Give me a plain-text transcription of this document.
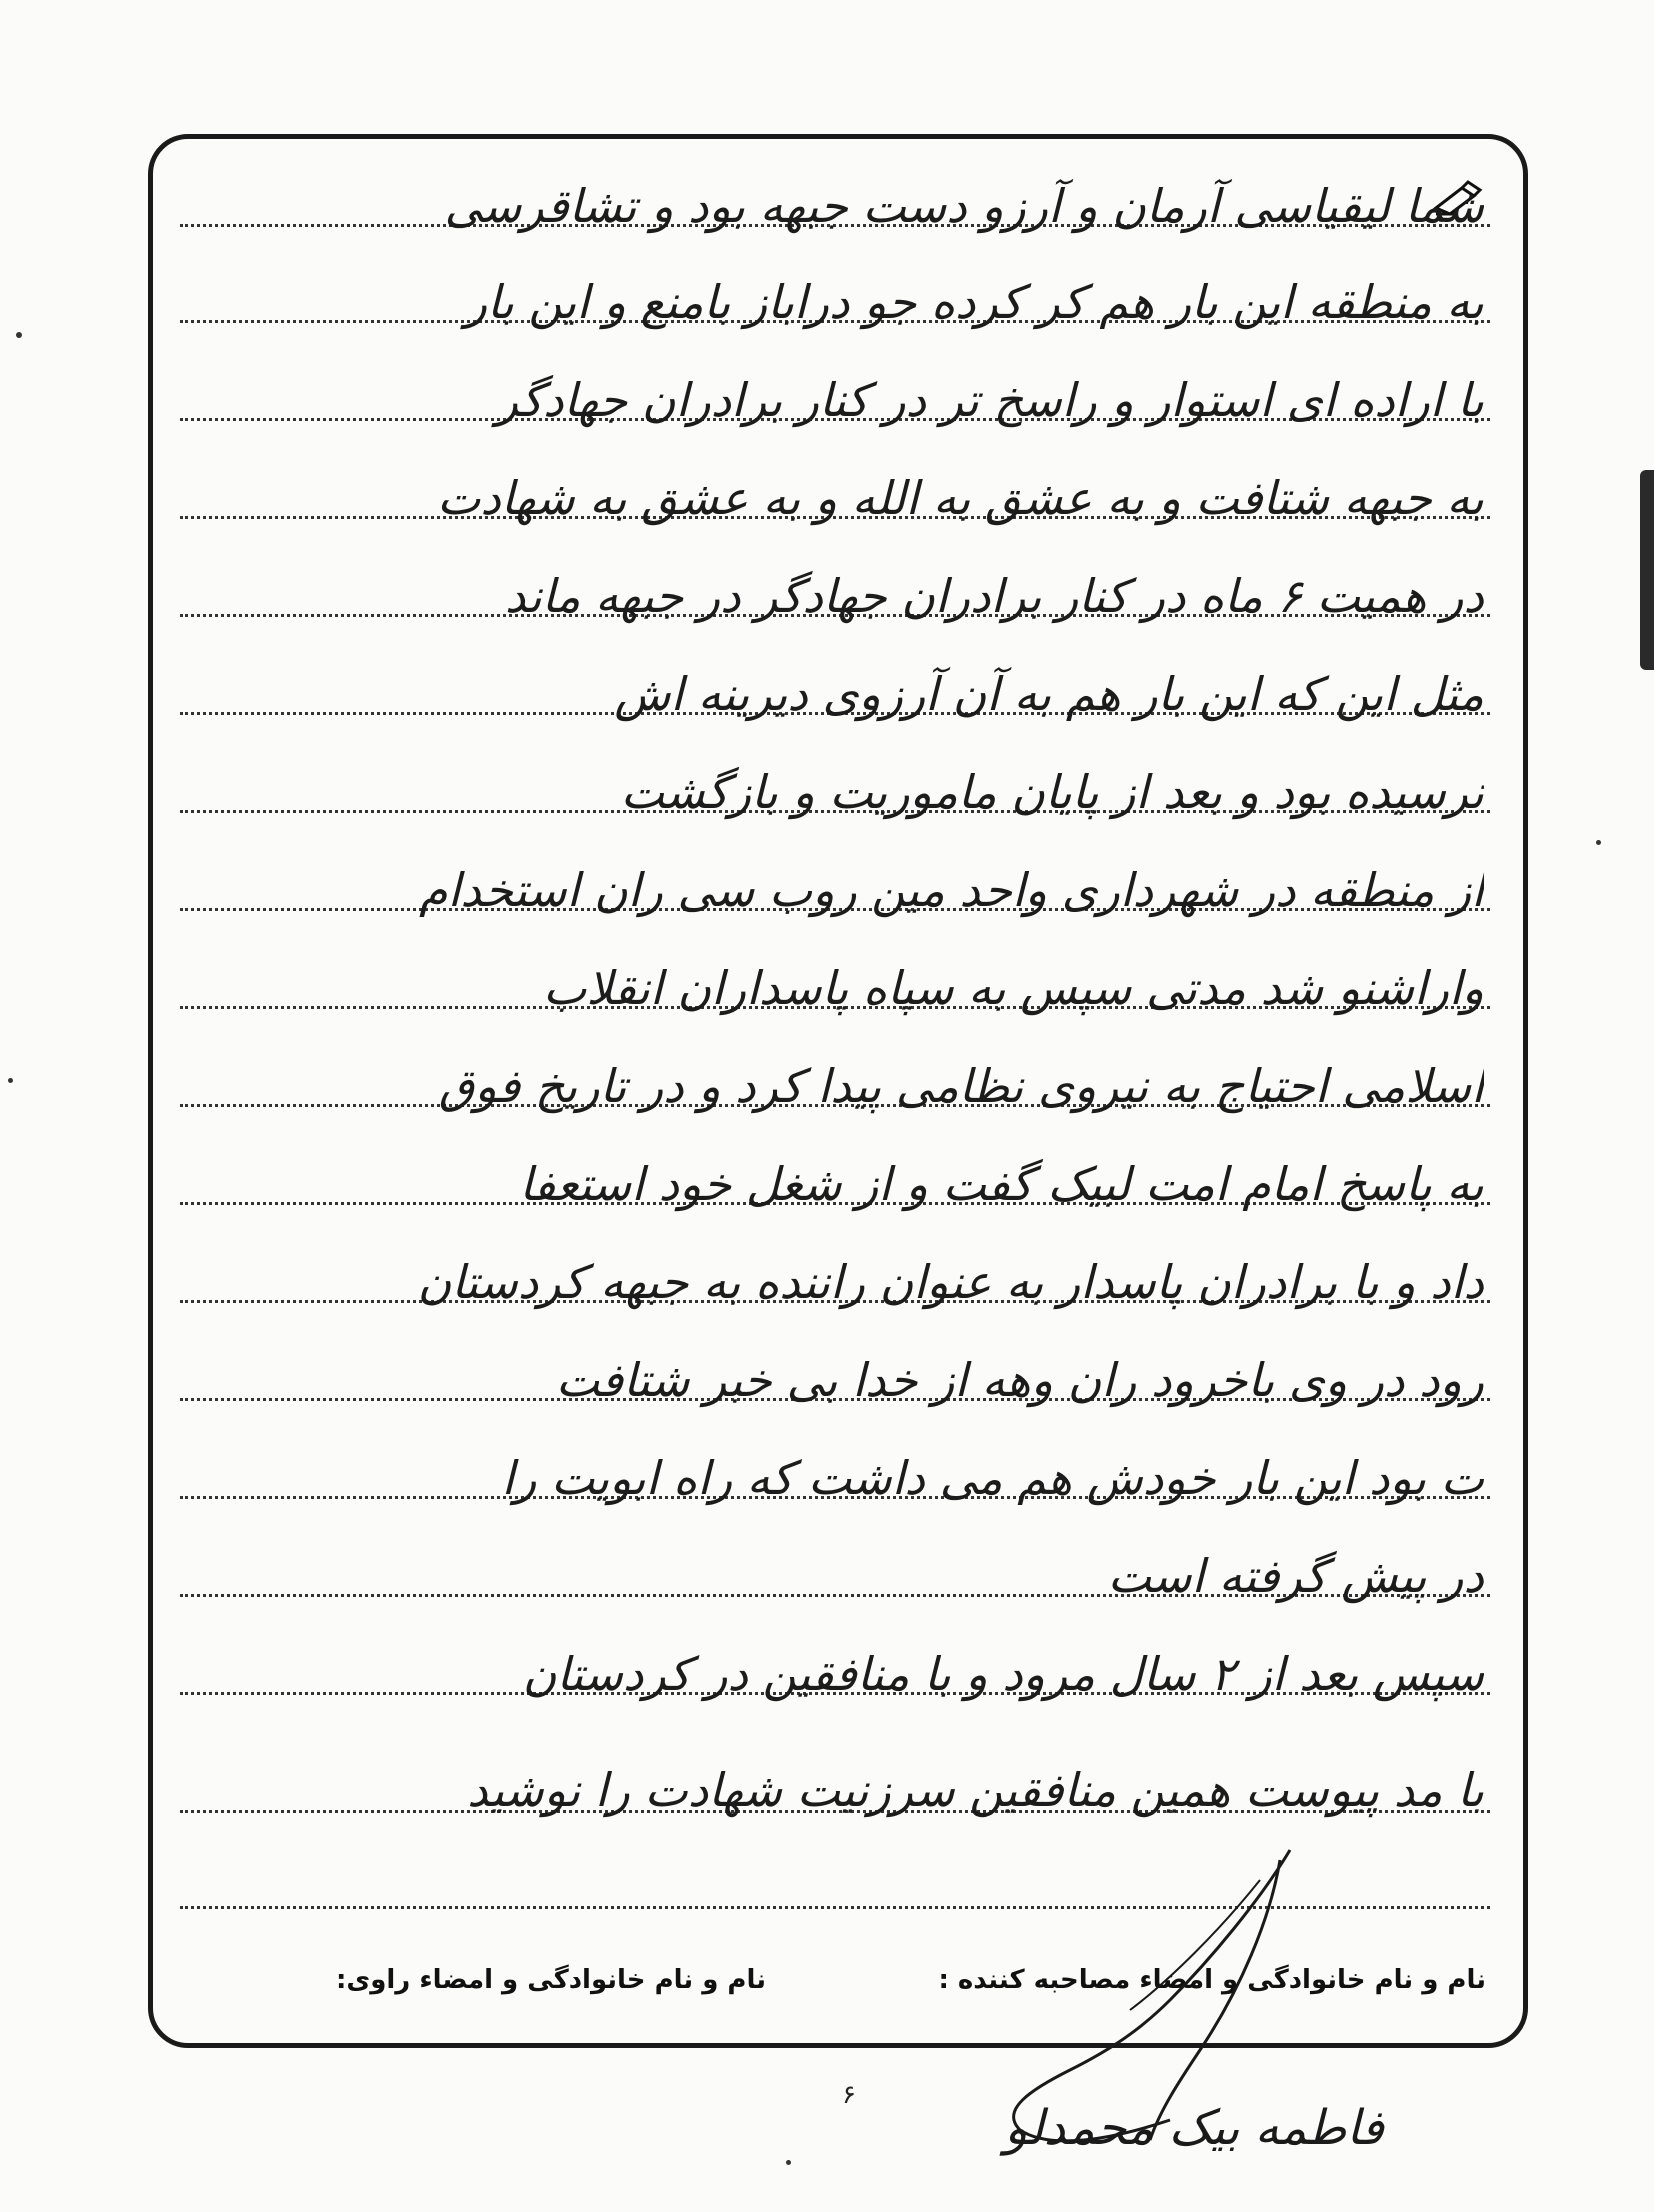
شما لیقیاسی آرمان و آرزو دست جبهه بود و تشاقرسی
به منطقه این بار هم کر کرده جو دراباز بامنع و این بار
با اراده ای استوار و راسخ تر در کنار برادران جهادگر
به جبهه شتافت و به عشق به الله و به عشق به شهادت
در همیت ۶ ماه در کنار برادران جهادگر در جبهه ماند
مثل این که این بار هم به آن آرزوی دیرینه اش
نرسیده بود و بعد از پایان ماموریت و بازگشت
از منطقه در شهرداری واحد مین روب سی ران استخدام
واراشنو شد مدتی سپس به سپاه پاسداران انقلاب
اسلامی احتیاج به نیروی نظامی پیدا کرد و در تاریخ فوق
به پاسخ امام امت لبیک گفت و از شغل خود استعفا
داد و با برادران پاسدار به عنوان راننده به جبهه کردستان
رود در وی باخرود ران وهه از خدا بی خبر شتافت
ت بود این بار خودش هم می داشت که راه ابویت را
در پیش گرفته است
سپس بعد از ۲ سال مرود و با منافقین در کردستان
با مد پیوست همین منافقین سرزنیت شهادت را نوشید
نام و نام خانوادگی و امضاء مصاحبه کننده :
نام و نام خانوادگی و امضاء راوی:
فاطمه بیک محمدلو
۶
